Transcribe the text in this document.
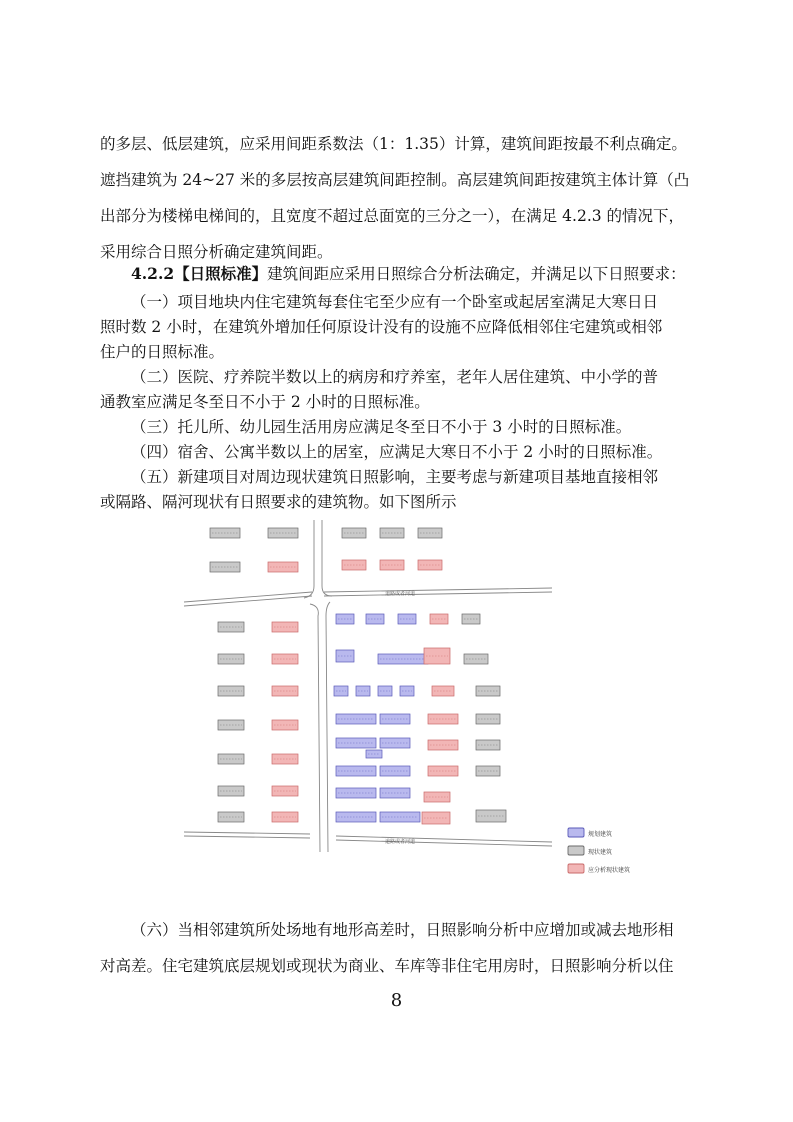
的多层、低层建筑，应采用间距系数法（1：1.35）计算，建筑间距按最不利点确定。
遮挡建筑为 24~27 米的多层按高层建筑间距控制。高层建筑间距按建筑主体计算（凸
出部分为楼梯电梯间的，且宽度不超过总面宽的三分之一），在满足 4.2.3 的情况下，
采用综合日照分析确定建筑间距。
4.2.2【日照标准】建筑间距应采用日照综合分析法确定，并满足以下日照要求：
（一）项目地块内住宅建筑每套住宅至少应有一个卧室或起居室满足大寒日日
照时数 2 小时，在建筑外增加任何原设计没有的设施不应降低相邻住宅建筑或相邻
住户的日照标准。
（二）医院、疗养院半数以上的病房和疗养室，老年人居住建筑、中小学的普
通教室应满足冬至日不小于 2 小时的日照标准。
（三）托儿所、幼儿园生活用房应满足冬至日不小于 3 小时的日照标准。
（四）宿舍、公寓半数以上的居室，应满足大寒日不小于 2 小时的日照标准。
（五）新建项目对周边现状建筑日照影响，主要考虑与新建项目基地直接相邻
或隔路、隔河现状有日照要求的建筑物。如下图所示
道路或者河道
道路或者河道
规划建筑
现状建筑
应分析现状建筑
（六）当相邻建筑所处场地有地形高差时，日照影响分析中应增加或减去地形相
对高差。住宅建筑底层规划或现状为商业、车库等非住宅用房时，日照影响分析以住
8
